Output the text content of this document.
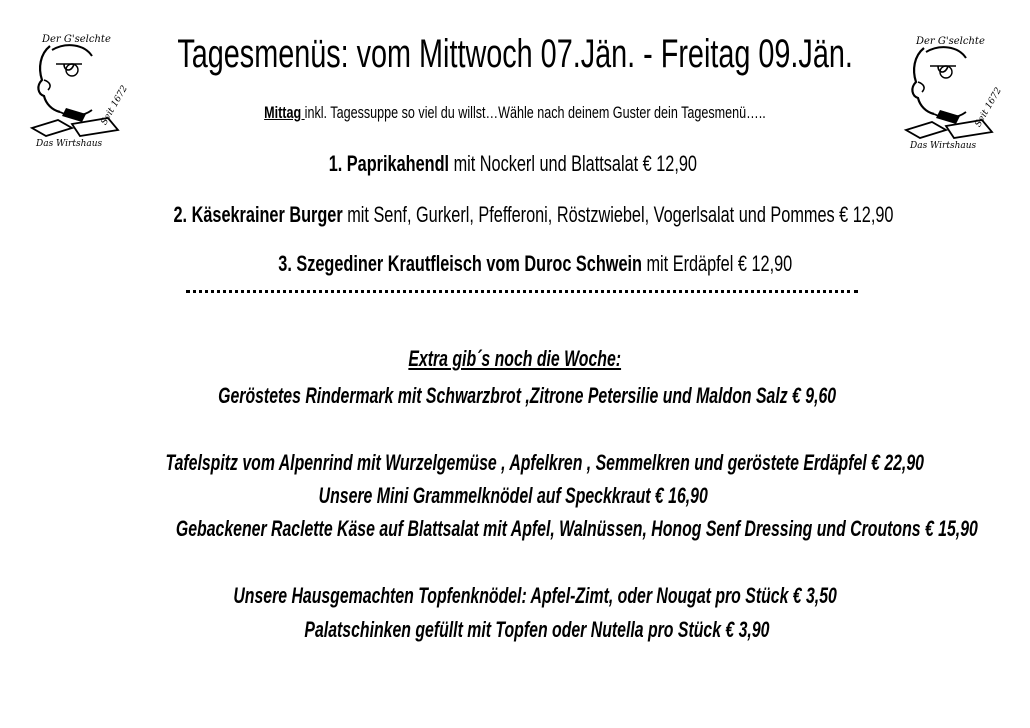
Der G'selchte
Seit 1672
Das Wirtshaus
Der G'selchte
Seit 1672
Das Wirtshaus
Tagesmenüs: vom Mittwoch 07.Jän. - Freitag 09.Jän.
Mittag inkl. Tagessuppe so viel du willst…Wähle nach deinem Guster dein Tagesmenü…..
1. Paprikahendl mit Nockerl und Blattsalat € 12,90
2. Käsekrainer Burger mit Senf, Gurkerl, Pfefferoni, Röstzwiebel, Vogerlsalat und Pommes € 12,90
3. Szegediner Krautfleisch vom Duroc Schwein mit Erdäpfel € 12,90
Extra gib´s noch die Woche:
Geröstetes Rindermark mit Schwarzbrot ,Zitrone Petersilie und Maldon Salz € 9,60
Tafelspitz vom Alpenrind mit Wurzelgemüse , Apfelkren , Semmelkren und geröstete Erdäpfel € 22,90
Unsere Mini Grammelknödel auf Speckkraut € 16,90
Gebackener Raclette Käse auf Blattsalat mit Apfel, Walnüssen, Honog Senf Dressing und Croutons € 15,90
Unsere Hausgemachten Topfenknödel: Apfel-Zimt, oder Nougat pro Stück € 3,50
Palatschinken gefüllt mit Topfen oder Nutella pro Stück € 3,90
